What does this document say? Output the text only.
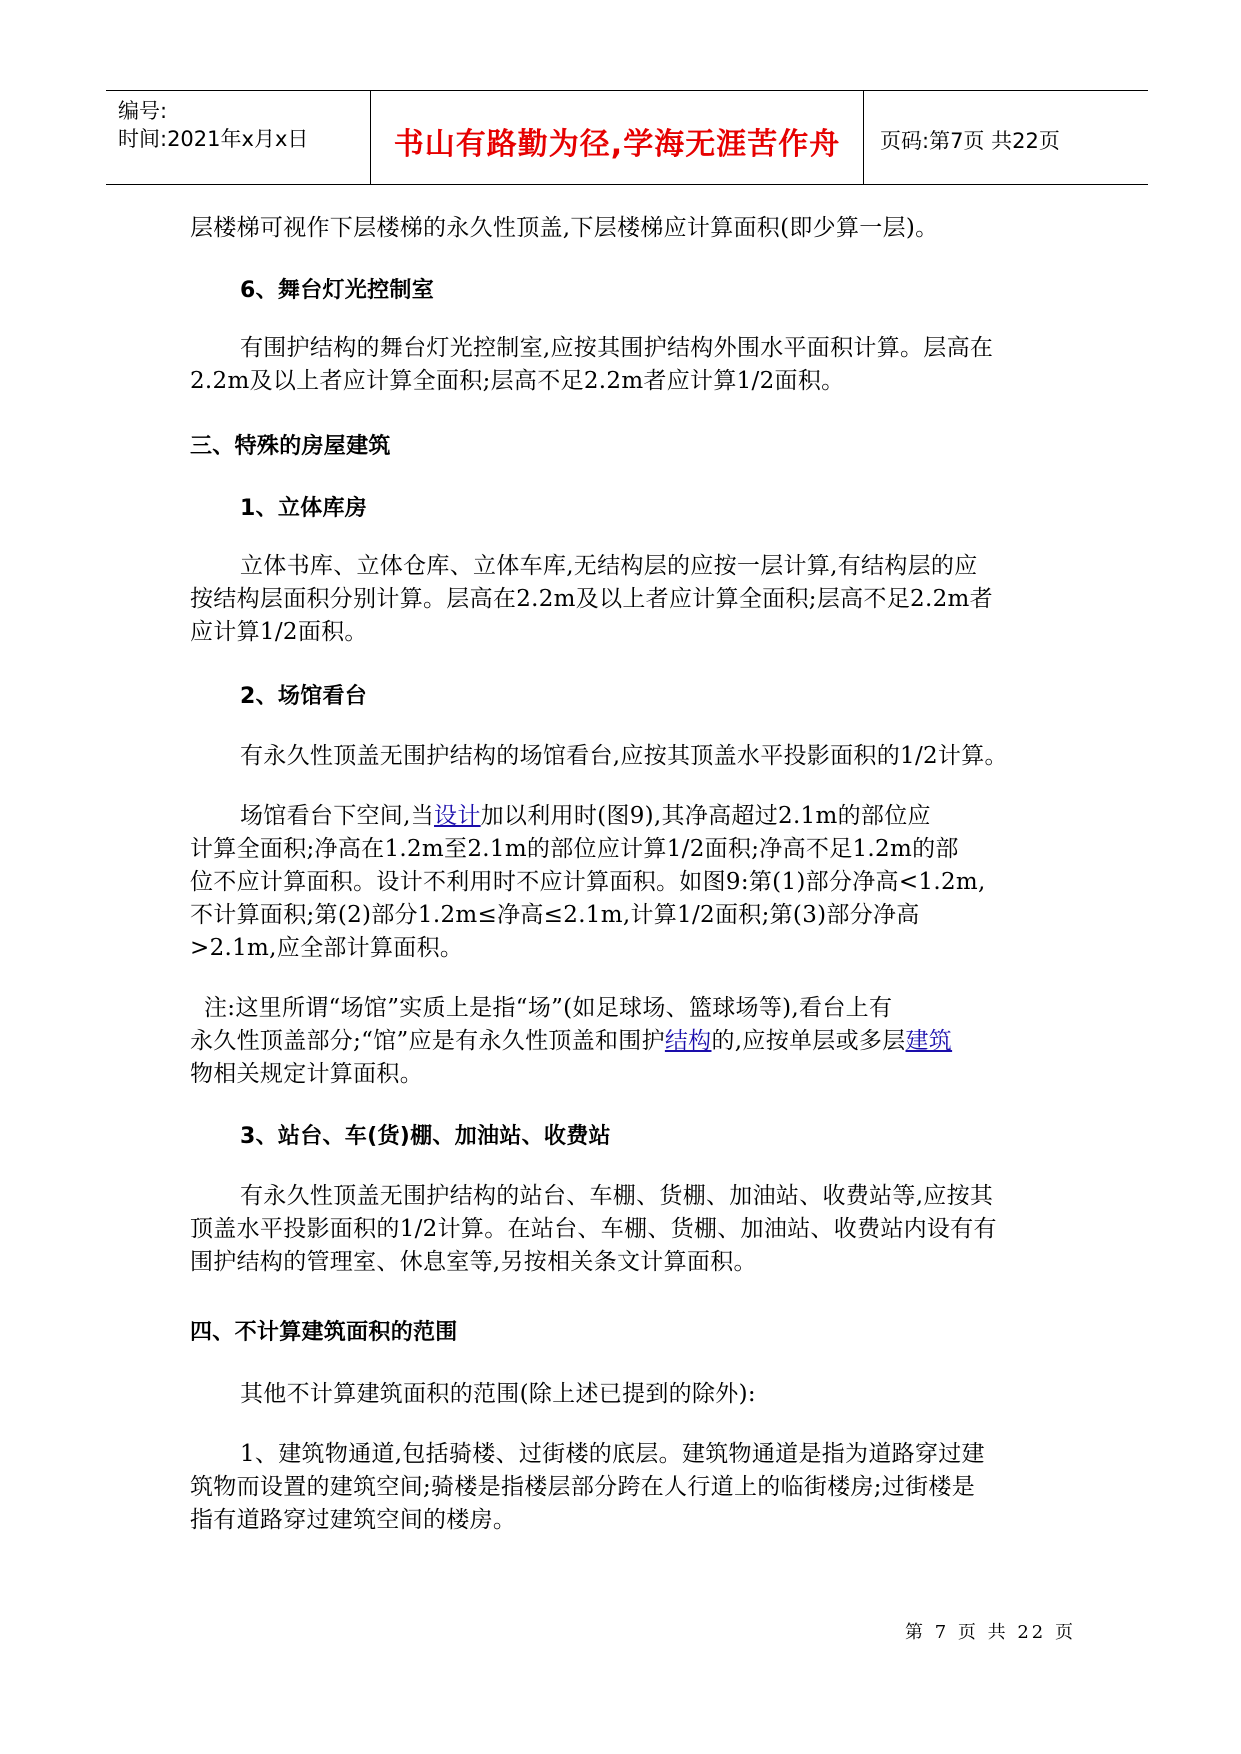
编号:
时间:2021年x月x日	书山有路勤为径,学海无涯苦作舟	页码:第7页 共22页
层楼梯可视作下层楼梯的永久性顶盖,下层楼梯应计算面积(即少算一层)。
6、舞台灯光控制室
有围护结构的舞台灯光控制室,应按其围护结构外围水平面积计算。层高在
2.2m及以上者应计算全面积;层高不足2.2m者应计算1/2面积。
三、特殊的房屋建筑
1、立体库房
立体书库、立体仓库、立体车库,无结构层的应按一层计算,有结构层的应
按结构层面积分别计算。层高在2.2m及以上者应计算全面积;层高不足2.2m者
应计算1/2面积。
2、场馆看台
有永久性顶盖无围护结构的场馆看台,应按其顶盖水平投影面积的1/2计算。
场馆看台下空间,当设计加以利用时(图9),其净高超过2.1m的部位应
计算全面积;净高在1.2m至2.1m的部位应计算1/2面积;净高不足1.2m的部
位不应计算面积。设计不利用时不应计算面积。如图9:第(1)部分净高<1.2m,
不计算面积;第(2)部分1.2m≤净高≤2.1m,计算1/2面积;第(3)部分净高
>2.1m,应全部计算面积。
注:这里所谓“场馆”实质上是指“场”(如足球场、篮球场等),看台上有
永久性顶盖部分;“馆”应是有永久性顶盖和围护结构的,应按单层或多层建筑
物相关规定计算面积。
3、站台、车(货)棚、加油站、收费站
有永久性顶盖无围护结构的站台、车棚、货棚、加油站、收费站等,应按其
顶盖水平投影面积的1/2计算。在站台、车棚、货棚、加油站、收费站内设有有
围护结构的管理室、休息室等,另按相关条文计算面积。
四、不计算建筑面积的范围
其他不计算建筑面积的范围(除上述已提到的除外):
1、建筑物通道,包括骑楼、过街楼的底层。建筑物通道是指为道路穿过建
筑物而设置的建筑空间;骑楼是指楼层部分跨在人行道上的临街楼房;过街楼是
指有道路穿过建筑空间的楼房。
第 7 页 共 22 页
